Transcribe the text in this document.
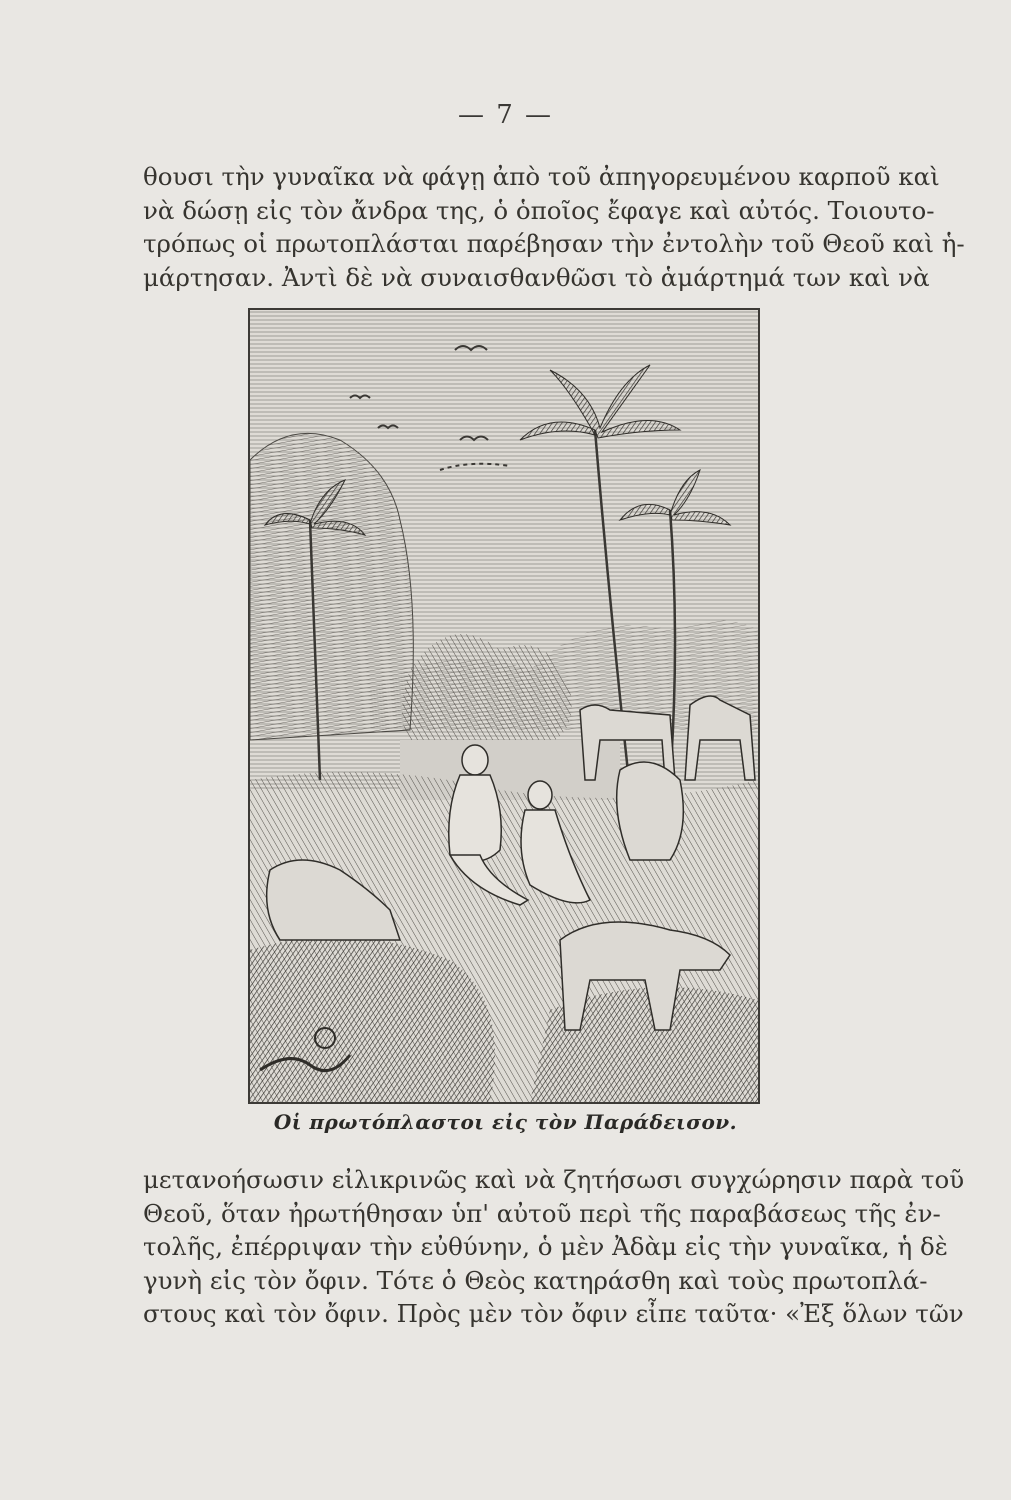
— 7 —
θουσι τὴν γυναῖκα νὰ φάγῃ ἀπὸ τοῦ ἀπηγορευμένου καρποῦ καὶ
νὰ δώσῃ εἰς τὸν ἄνδρα της, ὁ ὁποῖος ἔφαγε καὶ αὐτός. Τοιουτο-
τρόπως οἱ πρωτοπλάσται παρέβησαν τὴν ἐντολὴν τοῦ Θεοῦ καὶ ἡ-
μάρτησαν. Ἀντὶ δὲ νὰ συναισθανθῶσι τὸ ἁμάρτημά των καὶ νὰ
Οἱ πρωτόπλαστοι εἰς τὸν Παράδεισον.
μετανοήσωσιν εἰλικρινῶς καὶ νὰ ζητήσωσι συγχώρησιν παρὰ τοῦ
Θεοῦ, ὅταν ἠρωτήθησαν ὑπ' αὐτοῦ περὶ τῆς παραβάσεως τῆς ἐν-
τολῆς, ἐπέρριψαν τὴν εὐθύνην, ὁ μὲν Ἀδὰμ εἰς τὴν γυναῖκα, ἡ δὲ
γυνὴ εἰς τὸν ὄφιν. Τότε ὁ Θεὸς κατηράσθη καὶ τοὺς πρωτοπλά-
στους καὶ τὸν ὄφιν. Πρὸς μὲν τὸν ὄφιν εἶπε ταῦτα· «Ἐξ ὅλων τῶν
